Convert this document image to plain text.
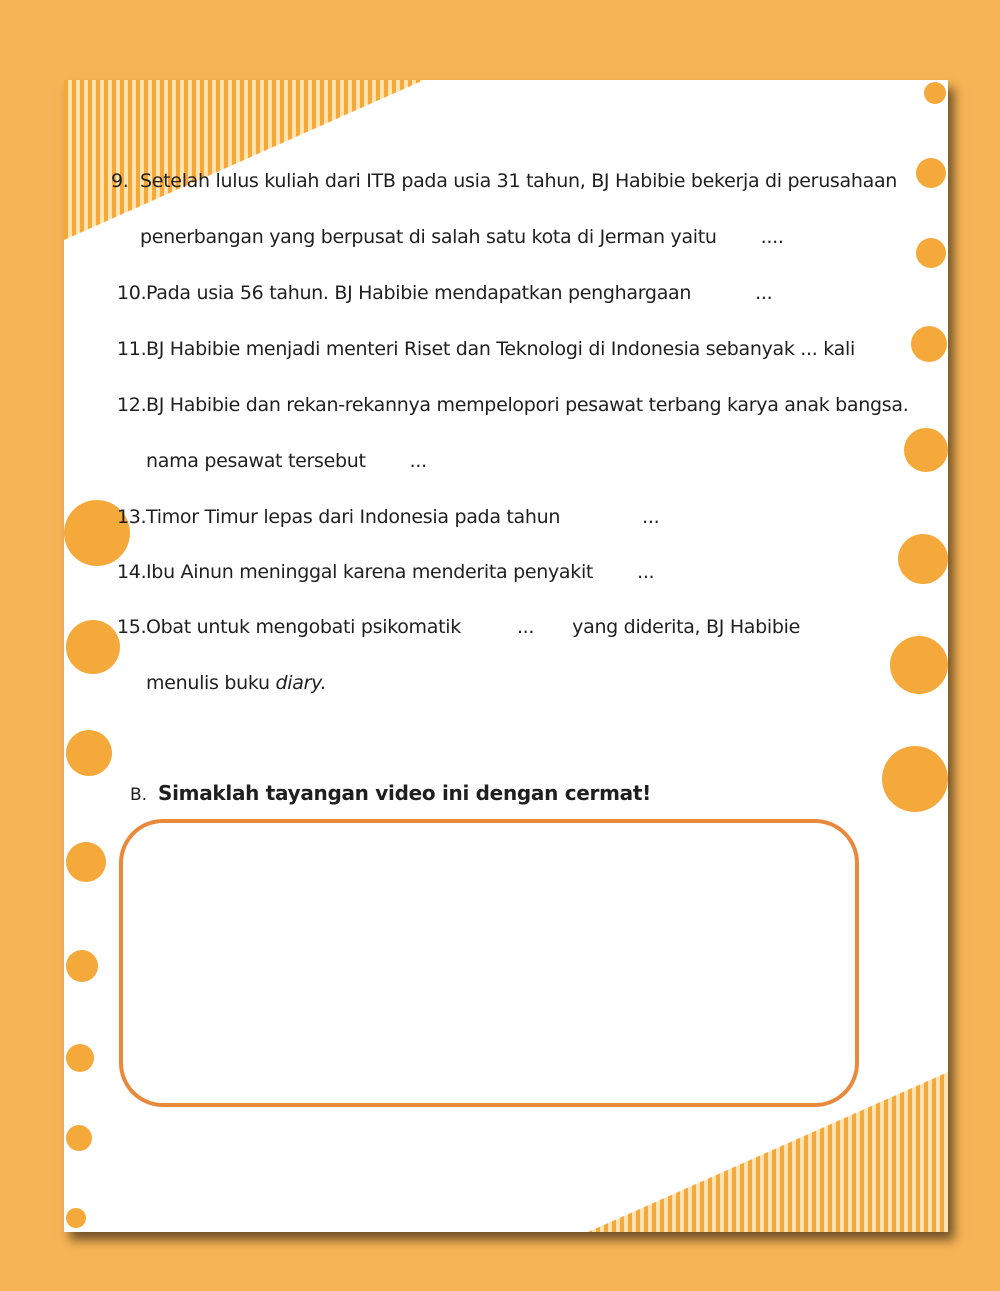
9. Setelah lulus kuliah dari ITB pada usia 31 tahun, BJ Habibie bekerja di perusahaan
penerbangan yang berpusat di salah satu kota di Jerman yaitu ....
10.Pada usia 56 tahun. BJ Habibie mendapatkan penghargaan	...
11.BJ Habibie menjadi menteri Riset dan Teknologi di Indonesia sebanyak ... kali
12.BJ Habibie dan rekan-rekannya mempelopori pesawat terbang karya anak bangsa.
nama pesawat tersebut ...
13.Timor Timur lepas dari Indonesia pada tahun	...
14.Ibu Ainun meninggal karena menderita penyakit ...
15.Obat untuk mengobati psikomatik	... yang diderita, BJ Habibie
menulis buku diary.
B. Simaklah tayangan video ini dengan cermat!
